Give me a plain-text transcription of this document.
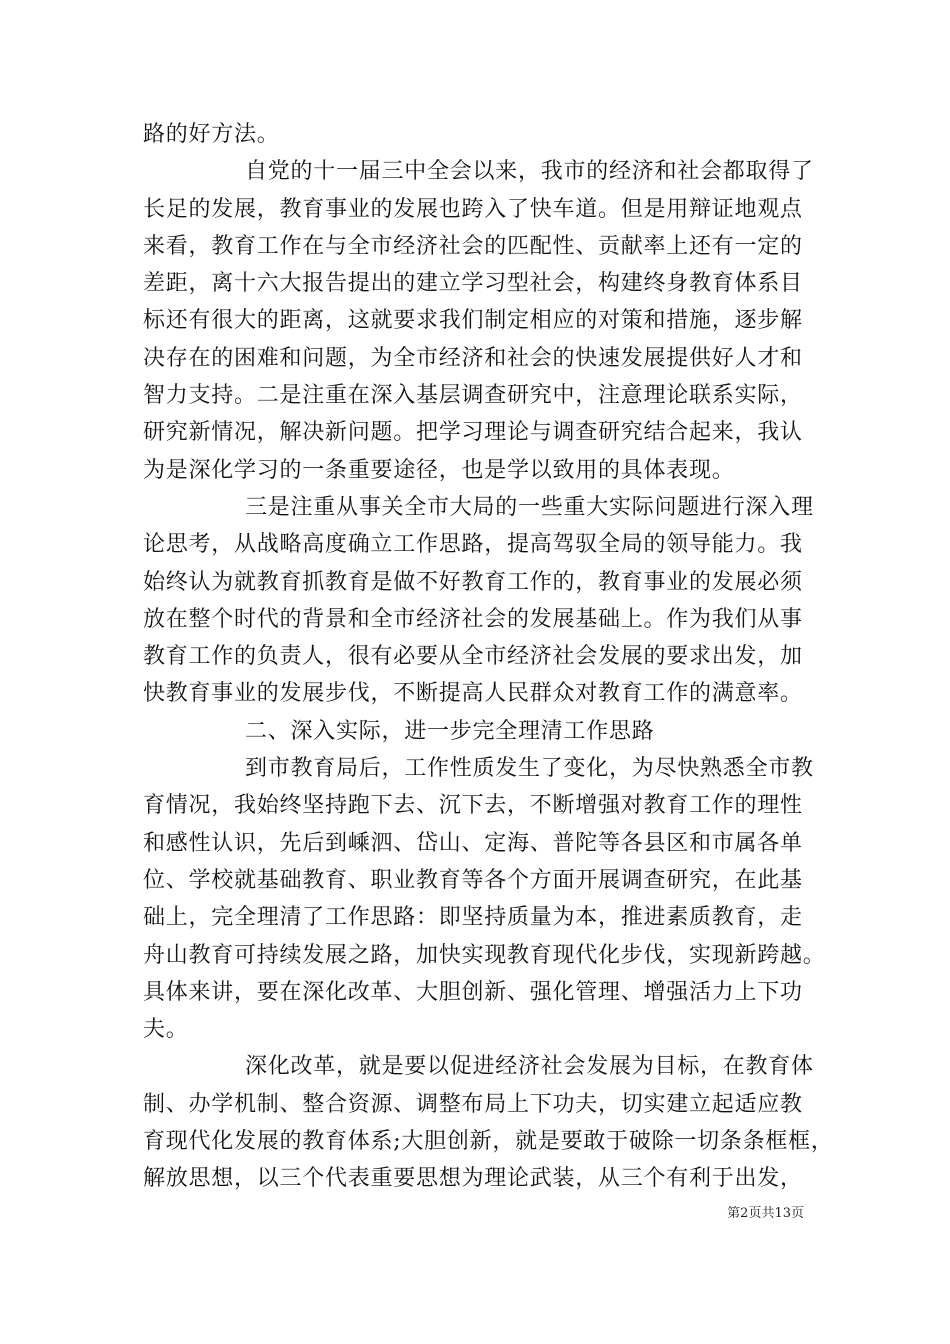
路的好方法。
自党的十一届三中全会以来，我市的经济和社会都取得了
长足的发展，教育事业的发展也跨入了快车道。但是用辩证地观点
来看，教育工作在与全市经济社会的匹配性、贡献率上还有一定的
差距，离十六大报告提出的建立学习型社会，构建终身教育体系目
标还有很大的距离，这就要求我们制定相应的对策和措施，逐步解
决存在的困难和问题，为全市经济和社会的快速发展提供好人才和
智力支持。二是注重在深入基层调查研究中，注意理论联系实际，
研究新情况，解决新问题。把学习理论与调查研究结合起来，我认
为是深化学习的一条重要途径，也是学以致用的具体表现。
三是注重从事关全市大局的一些重大实际问题进行深入理
论思考，从战略高度确立工作思路，提高驾驭全局的领导能力。我
始终认为就教育抓教育是做不好教育工作的，教育事业的发展必须
放在整个时代的背景和全市经济社会的发展基础上。作为我们从事
教育工作的负责人，很有必要从全市经济社会发展的要求出发，加
快教育事业的发展步伐，不断提高人民群众对教育工作的满意率。
二、深入实际，进一步完全理清工作思路
到市教育局后，工作性质发生了变化，为尽快熟悉全市教
育情况，我始终坚持跑下去、沉下去，不断增强对教育工作的理性
和感性认识，先后到嵊泗、岱山、定海、普陀等各县区和市属各单
位、学校就基础教育、职业教育等各个方面开展调查研究，在此基
础上，完全理清了工作思路：即坚持质量为本，推进素质教育，走
舟山教育可持续发展之路，加快实现教育现代化步伐，实现新跨越。
具体来讲，要在深化改革、大胆创新、强化管理、增强活力上下功
夫。
深化改革，就是要以促进经济社会发展为目标，在教育体
制、办学机制、整合资源、调整布局上下功夫，切实建立起适应教
育现代化发展的教育体系;大胆创新，就是要敢于破除一切条条框框，
解放思想，以三个代表重要思想为理论武装，从三个有利于出发，
第2页共13页
